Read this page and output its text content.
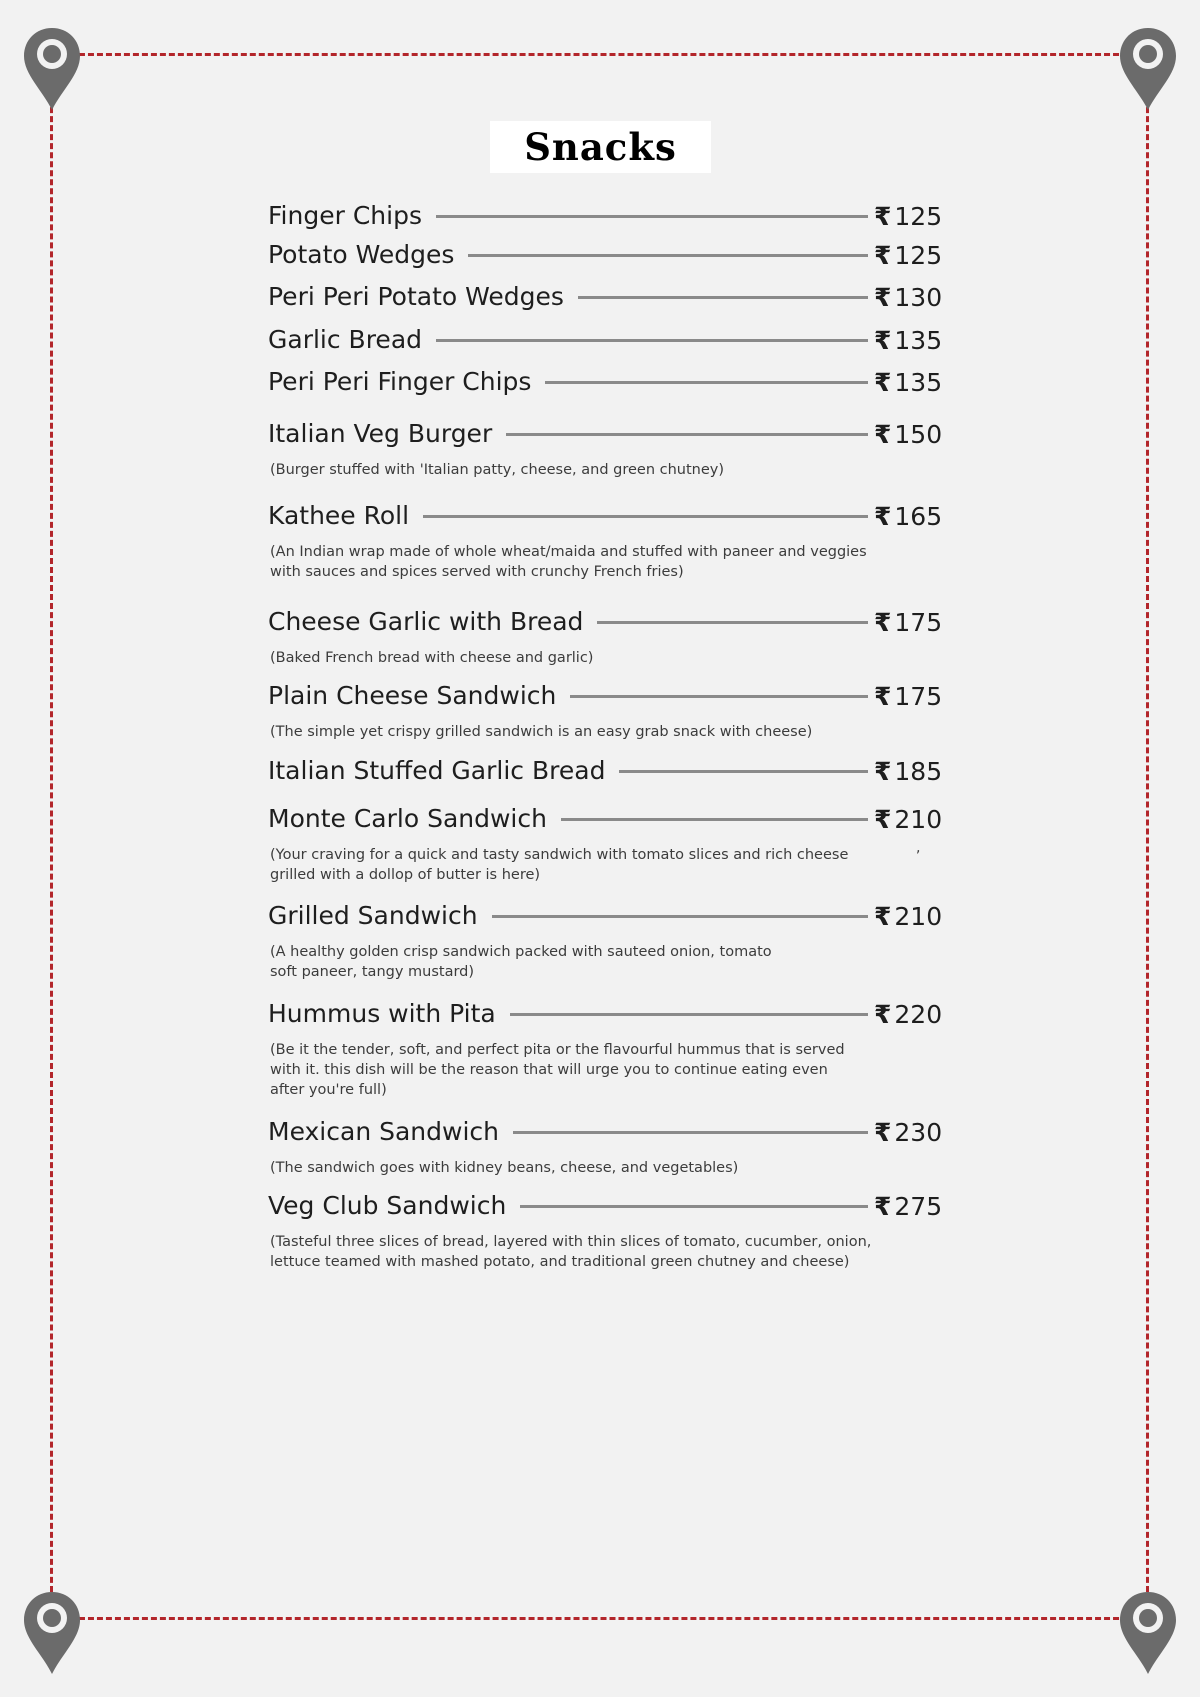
Snacks
Finger Chips	₹ 125
Potato Wedges	₹ 125
Peri Peri Potato Wedges	₹ 130
Garlic Bread	₹ 135
Peri Peri Finger Chips	₹ 135
Italian Veg Burger	₹ 150
(Burger stuffed with 'Italian patty, cheese, and green chutney)
Kathee Roll	₹ 165
(An Indian wrap made of whole wheat/maida and stuffed with paneer and veggies
with sauces and spices served with crunchy French fries)
Cheese Garlic with Bread	₹ 175
(Baked French bread with cheese and garlic)
Plain Cheese Sandwich	₹ 175
(The simple yet crispy grilled sandwich is an easy grab snack with cheese)
Italian Stuffed Garlic Bread	₹ 185
Monte Carlo Sandwich	₹ 210
(Your craving for a quick and tasty sandwich with tomato slices and rich cheese
grilled with a dollop of butter is here)
Grilled Sandwich	₹ 210
(A healthy golden crisp sandwich packed with sauteed onion, tomato
soft paneer, tangy mustard)
Hummus with Pita	₹ 220
(Be it the tender, soft, and perfect pita or the flavourful hummus that is served
with it. this dish will be the reason that will urge you to continue eating even
after you're full)
Mexican Sandwich	₹ 230
(The sandwich goes with kidney beans, cheese, and vegetables)
Veg Club Sandwich	₹ 275
(Tasteful three slices of bread, layered with thin slices of tomato, cucumber, onion,
lettuce teamed with mashed potato, and traditional green chutney and cheese)
,
